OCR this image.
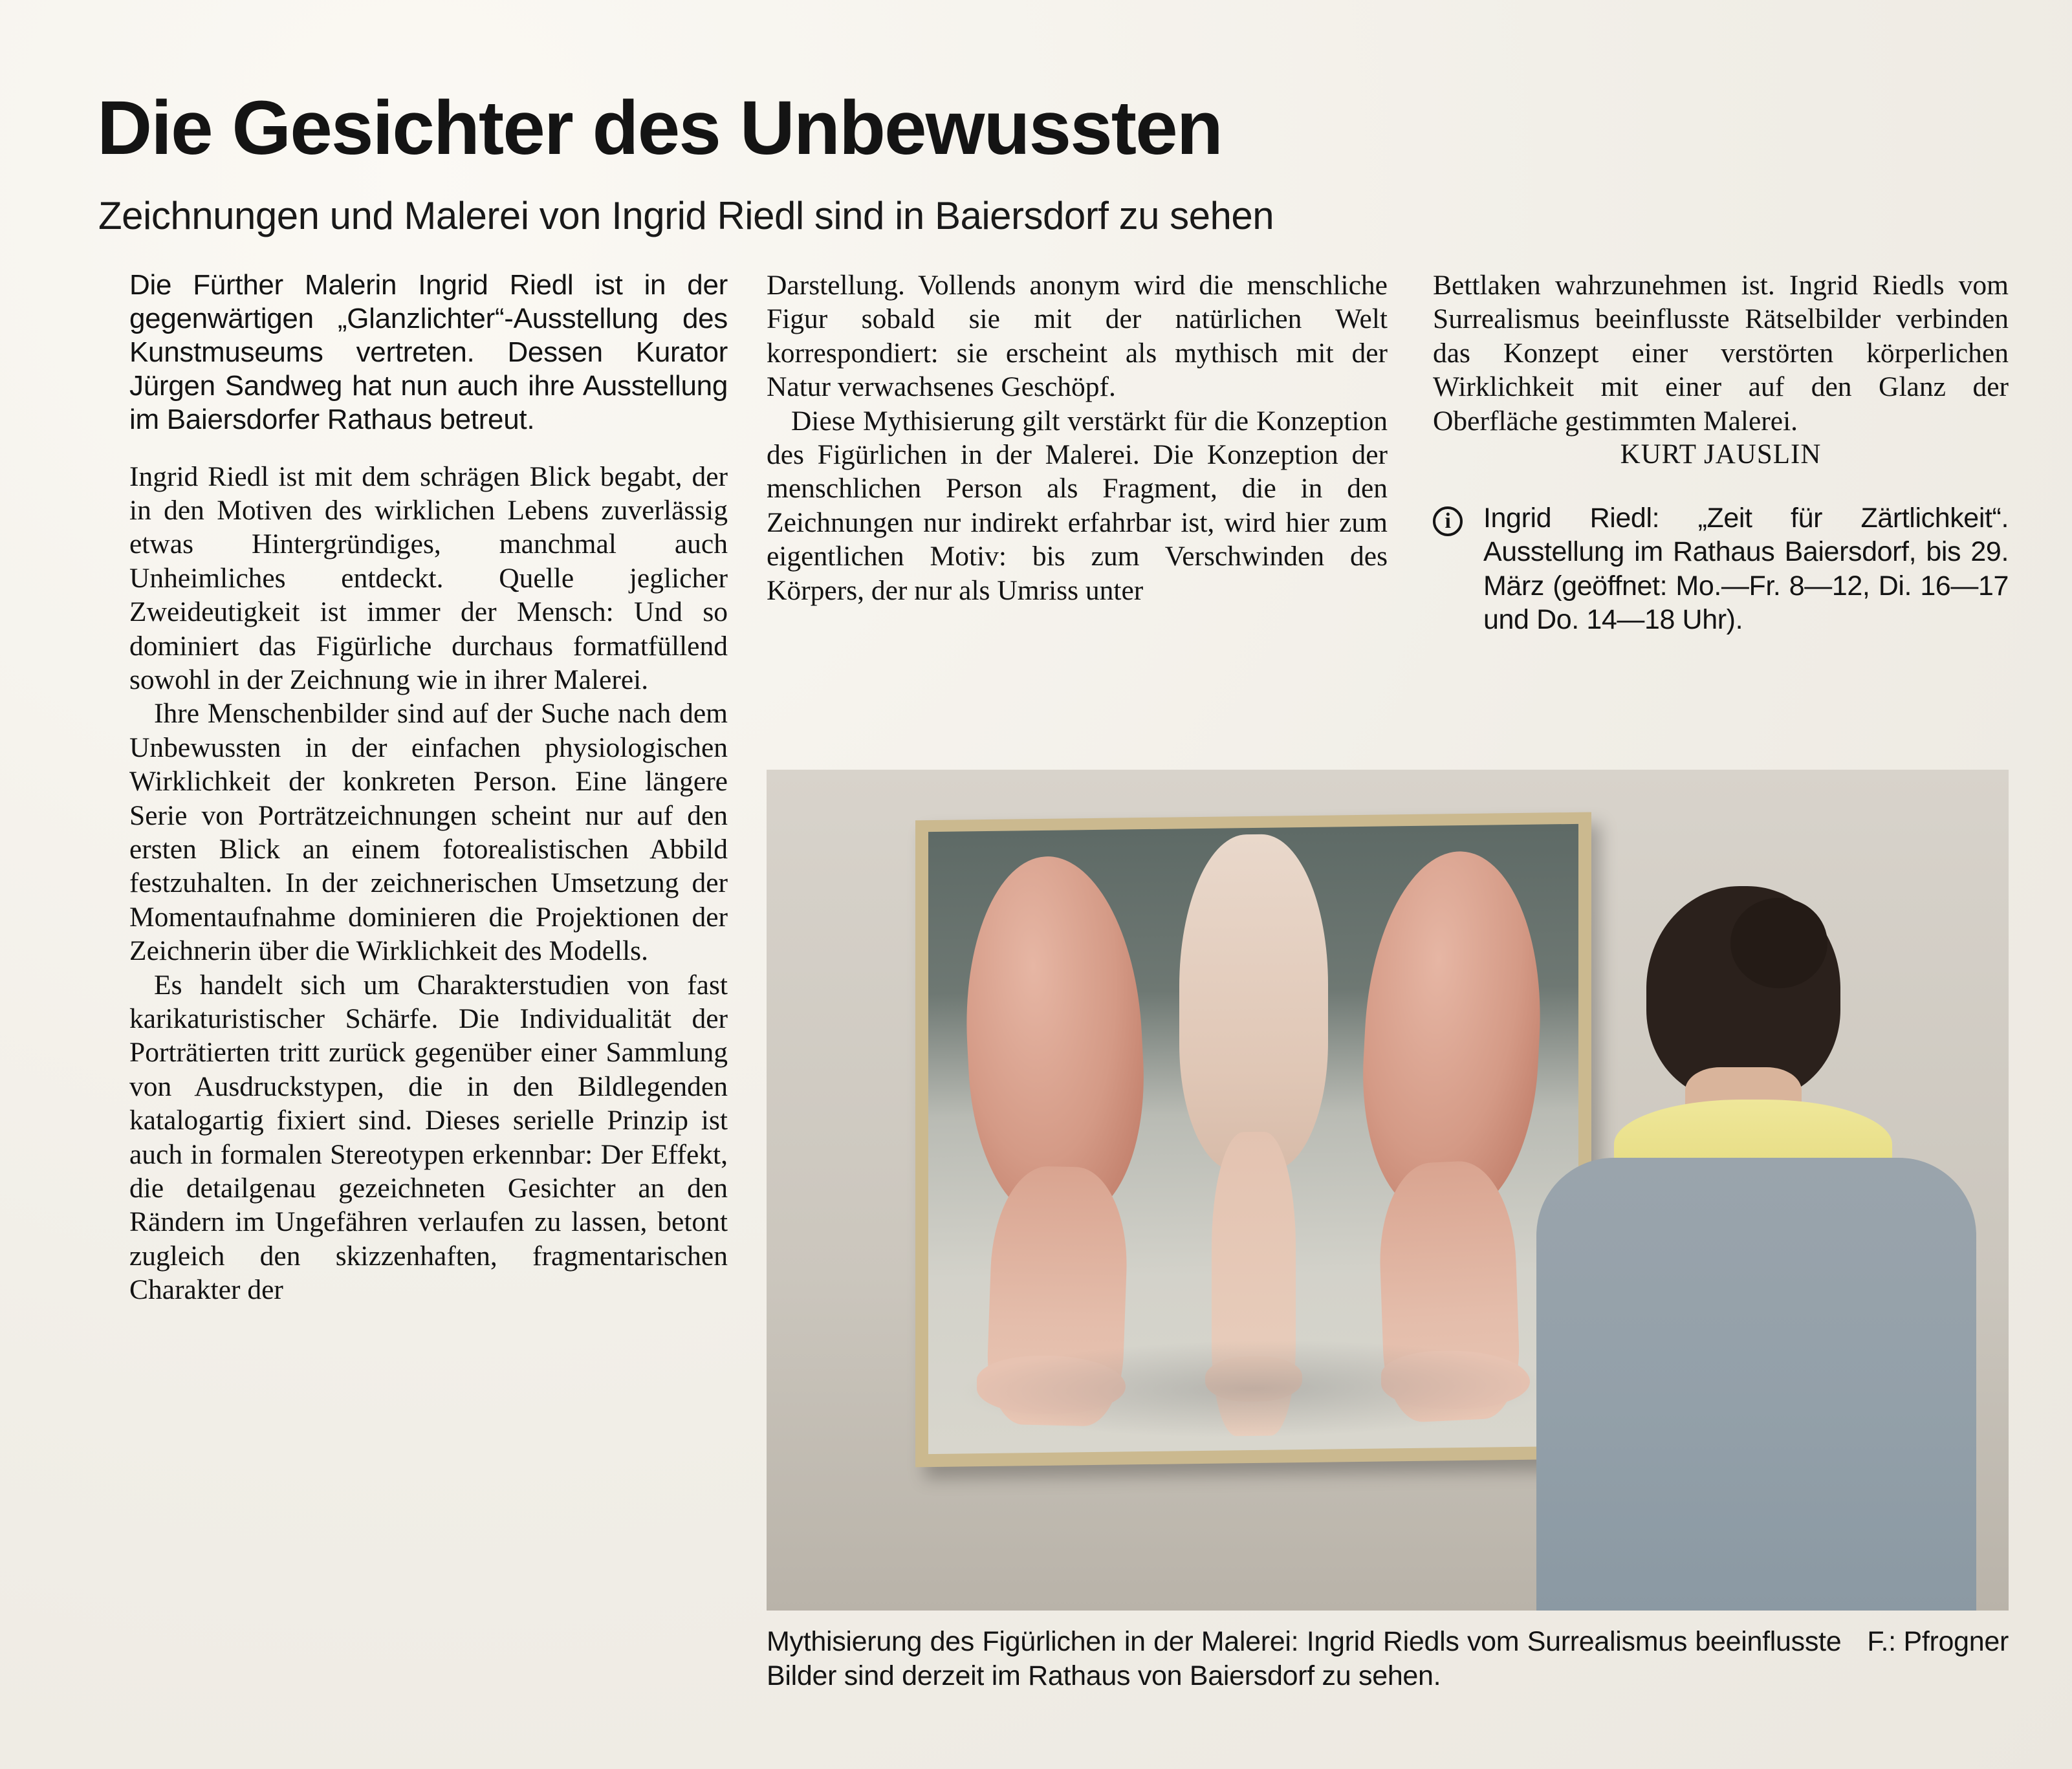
Die Gesichter des Unbewussten
Zeichnungen und Malerei von Ingrid Riedl sind in Baiersdorf zu sehen

Die Fürther Malerin Ingrid Riedl ist in der gegenwärtigen „Glanzlichter“-Ausstellung des Kunstmuseums vertreten. Dessen Kurator Jürgen Sandweg hat nun auch ihre Ausstellung im Baiersdorfer Rathaus betreut.

Ingrid Riedl ist mit dem schrägen Blick begabt, der in den Motiven des wirklichen Lebens zuverlässig etwas Hintergründiges, manchmal auch Unheimliches entdeckt. Quelle jeglicher Zweideutigkeit ist immer der Mensch: Und so dominiert das Figürliche durchaus formatfüllend sowohl in der Zeichnung wie in ihrer Malerei.

Ihre Menschenbilder sind auf der Suche nach dem Unbewussten in der einfachen physiologischen Wirklichkeit der konkreten Person. Eine längere Serie von Porträtzeichnungen scheint nur auf den ersten Blick an einem fotorealistischen Abbild festzuhalten. In der zeichnerischen Umsetzung der Momentaufnahme dominieren die Projektionen der Zeichnerin über die Wirklichkeit des Modells.

Es handelt sich um Charakterstudien von fast karikaturistischer Schärfe. Die Individualität der Porträtierten tritt zurück gegenüber einer Sammlung von Ausdruckstypen, die in den Bildlegenden katalogartig fixiert sind. Dieses serielle Prinzip ist auch in formalen Stereotypen erkennbar: Der Effekt, die detailgenau gezeichneten Gesichter an den Rändern im Ungefähren verlaufen zu lassen, betont zugleich den skizzenhaften, fragmentarischen Charakter der

Darstellung. Vollends anonym wird die menschliche Figur sobald sie mit der natürlichen Welt korrespondiert: sie erscheint als mythisch mit der Natur verwachsenes Geschöpf.

Diese Mythisierung gilt verstärkt für die Konzeption des Figürlichen in der Malerei. Die Konzeption der menschlichen Person als Fragment, die in den Zeichnungen nur indirekt erfahrbar ist, wird hier zum eigentlichen Motiv: bis zum Verschwinden des Körpers, der nur als Umriss unter

Bettlaken wahrzunehmen ist. Ingrid Riedls vom Surrealismus beeinflusste Rätselbilder verbinden das Konzept einer verstörten körperlichen Wirklichkeit mit einer auf den Glanz der Oberfläche gestimmten Malerei.

KURT JAUSLIN

i	Ingrid Riedl: „Zeit für Zärtlichkeit“. Ausstellung im Rathaus Baiersdorf, bis 29. März (geöffnet: Mo.—Fr. 8—12, Di. 16—17 und Do. 14—18 Uhr).
F.: Pfrogner
Mythisierung des Figürlichen in der Malerei: Ingrid Riedls vom Surrealismus beeinflusste Bilder sind derzeit im Rathaus von Baiersdorf zu sehen.
